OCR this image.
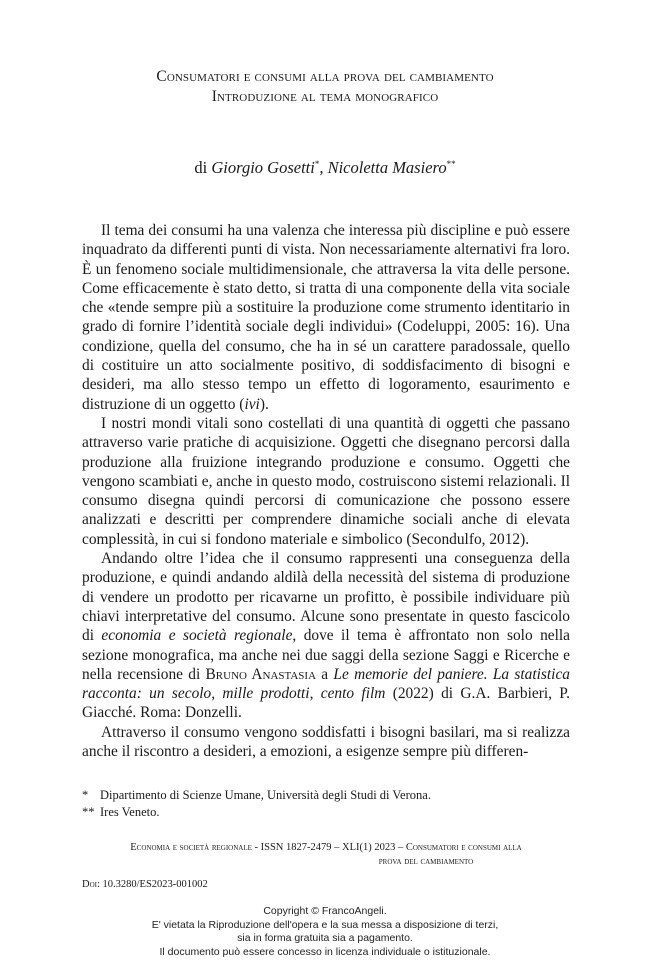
Consumatori e consumi alla prova del cambiamento
Introduzione al tema monografico
di Giorgio Gosetti*, Nicoletta Masiero**

Il tema dei consumi ha una valenza che interessa più discipline e può essere inquadrato da differenti punti di vista. Non necessariamente alternativi fra loro. È un fenomeno sociale multidimensionale, che attraversa la vita delle persone. Come efficacemente è stato detto, si tratta di una componente della vita sociale che «tende sempre più a sostituire la produzione come strumento identitario in grado di fornire l’identità sociale degli individui» (Codeluppi, 2005: 16). Una condizione, quella del consumo, che ha in sé un carattere paradossale, quello di costituire un atto socialmente positivo, di soddisfacimento di bisogni e desideri, ma allo stesso tempo un effetto di logoramento, esaurimento e distruzione di un oggetto (ivi).

I nostri mondi vitali sono costellati di una quantità di oggetti che passano attraverso varie pratiche di acquisizione. Oggetti che disegnano percorsi dalla produzione alla fruizione integrando produzione e consumo. Oggetti che vengono scambiati e, anche in questo modo, costruiscono sistemi relazionali. Il consumo disegna quindi percorsi di comunicazione che possono essere analizzati e descritti per comprendere dinamiche sociali anche di elevata complessità, in cui si fondono materiale e simbolico (Secondulfo, 2012).

Andando oltre l’idea che il consumo rappresenti una conseguenza della produzione, e quindi andando aldilà della necessità del sistema di produzione di vendere un prodotto per ricavarne un profitto, è possibile individuare più chiavi interpretative del consumo. Alcune sono presentate in questo fascicolo di economia e società regionale, dove il tema è affrontato non solo nella sezione monografica, ma anche nei due saggi della sezione Saggi e Ricerche e nella recensione di Bruno Anastasia a Le memorie del paniere. La statistica racconta: un secolo, mille prodotti, cento film (2022) di G.A. Barbieri, P. Giacché. Roma: Donzelli.

Attraverso il consumo vengono soddisfatti i bisogni basilari, ma si realizza anche il riscontro a desideri, a emozioni, a esigenze sempre più differen-

* Dipartimento di Scienze Umane, Università degli Studi di Verona.
** Ires Veneto.
Economia e società regionale - ISSN 1827-2479 – XLI(1) 2023 – Consumatori e consumi alla
prova del cambiamento
Doi: 10.3280/ES2023-001002
Copyright © FrancoAngeli.
E' vietata la Riproduzione dell'opera e la sua messa a disposizione di terzi,
sia in forma gratuita sia a pagamento.
Il documento può essere concesso in licenza individuale o istituzionale.
